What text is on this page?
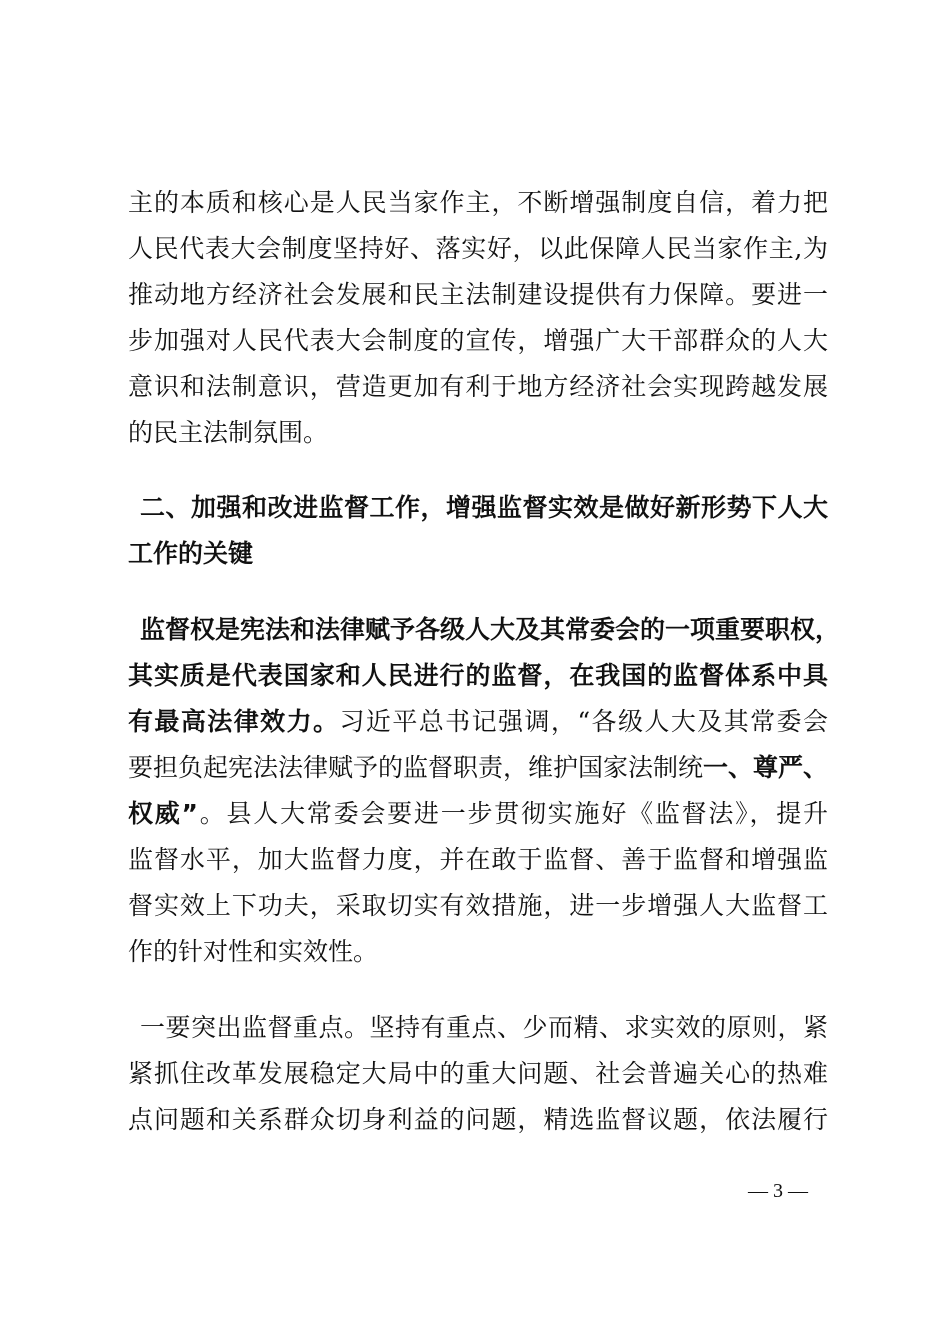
主的本质和核心是人民当家作主，不断增强制度自信，着力把
人民代表大会制度坚持好、落实好，以此保障人民当家作主,为
推动地方经济社会发展和民主法制建设提供有力保障。要进一
步加强对人民代表大会制度的宣传，增强广大干部群众的人大
意识和法制意识，营造更加有利于地方经济社会实现跨越发展
的民主法制氛围。
二、加强和改进监督工作，增强监督实效是做好新形势下人大
工作的关键
监督权是宪法和法律赋予各级人大及其常委会的一项重要职权，
其实质是代表国家和人民进行的监督，在我国的监督体系中具
有最高法律效力。习近平总书记强调，“各级人大及其常委会
要担负起宪法法律赋予的监督职责，维护国家法制统一、尊严、
权威”。县人大常委会要进一步贯彻实施好《监督法》，提升
监督水平，加大监督力度，并在敢于监督、善于监督和增强监
督实效上下功夫，采取切实有效措施，进一步增强人大监督工
作的针对性和实效性。
一要突出监督重点。坚持有重点、少而精、求实效的原则，紧
紧抓住改革发展稳定大局中的重大问题、社会普遍关心的热难
点问题和关系群众切身利益的问题，精选监督议题，依法履行
— 3 —
